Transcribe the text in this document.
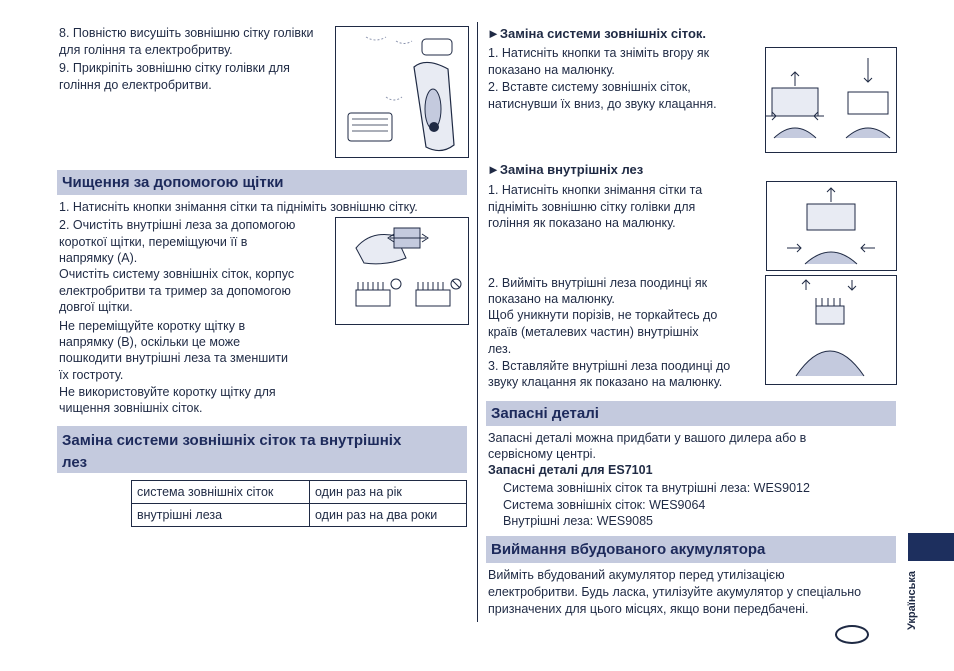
8. Повністю висушіть зовнішню сітку голівки
для гоління та електробритву.
9. Прикріпіть зовнішню сітку голівки для
гоління до електробритви.
Чищення за допомогою щітки
1. Натисніть кнопки знімання сітки та підніміть зовнішню сітку.
2. Очистіть внутрішні леза за допомогою
короткої щітки, переміщуючи її в
напрямку (A).
Очистіть систему зовнішніх сіток, корпус
електробритви та тример за допомогою
довгої щітки.
Не переміщуйте коротку щітку в
напрямку (B), оскільки це може
пошкодити внутрішні леза та зменшити
їх гостроту.
Не використовуйте коротку щітку для
чищення зовнішніх сіток.
Заміна системи зовнішніх сіток та внутрішніх
лез
система зовнішніх сіток	один раз на рік
внутрішні леза	один раз на два роки
►Заміна системи зовнішніх сіток.
1. Натисніть кнопки та зніміть вгору як
показано на малюнку.
2. Вставте систему зовнішніх сіток,
натиснувши їх вниз, до звуку клацання.
►Заміна внутрішніх лез
1. Натисніть кнопки знімання сітки та
підніміть зовнішню сітку голівки для
гоління як показано на малюнку.
2. Вийміть внутрішні леза поодинці як
показано на малюнку.
Щоб уникнути порізів, не торкайтесь до
країв (металевих частин) внутрішніх
лез.
3. Вставляйте внутрішні леза поодинці до
звуку клацання як показано на малюнку.
Запасні деталі
Запасні деталі можна придбати у вашого дилера або в
сервісному центрі.
Запасні деталі для ES7101
Система зовнішніх сіток та внутрішні леза: WES9012
Система зовнішніх сіток: WES9064
Внутрішні леза: WES9085
Виймання вбудованого акумулятора
Вийміть вбудований акумулятор перед утилізацією
електробритви. Будь ласка, утилізуйте акумулятор у спеціально
призначених для цього місцях, якщо вони передбачені.	Українська
